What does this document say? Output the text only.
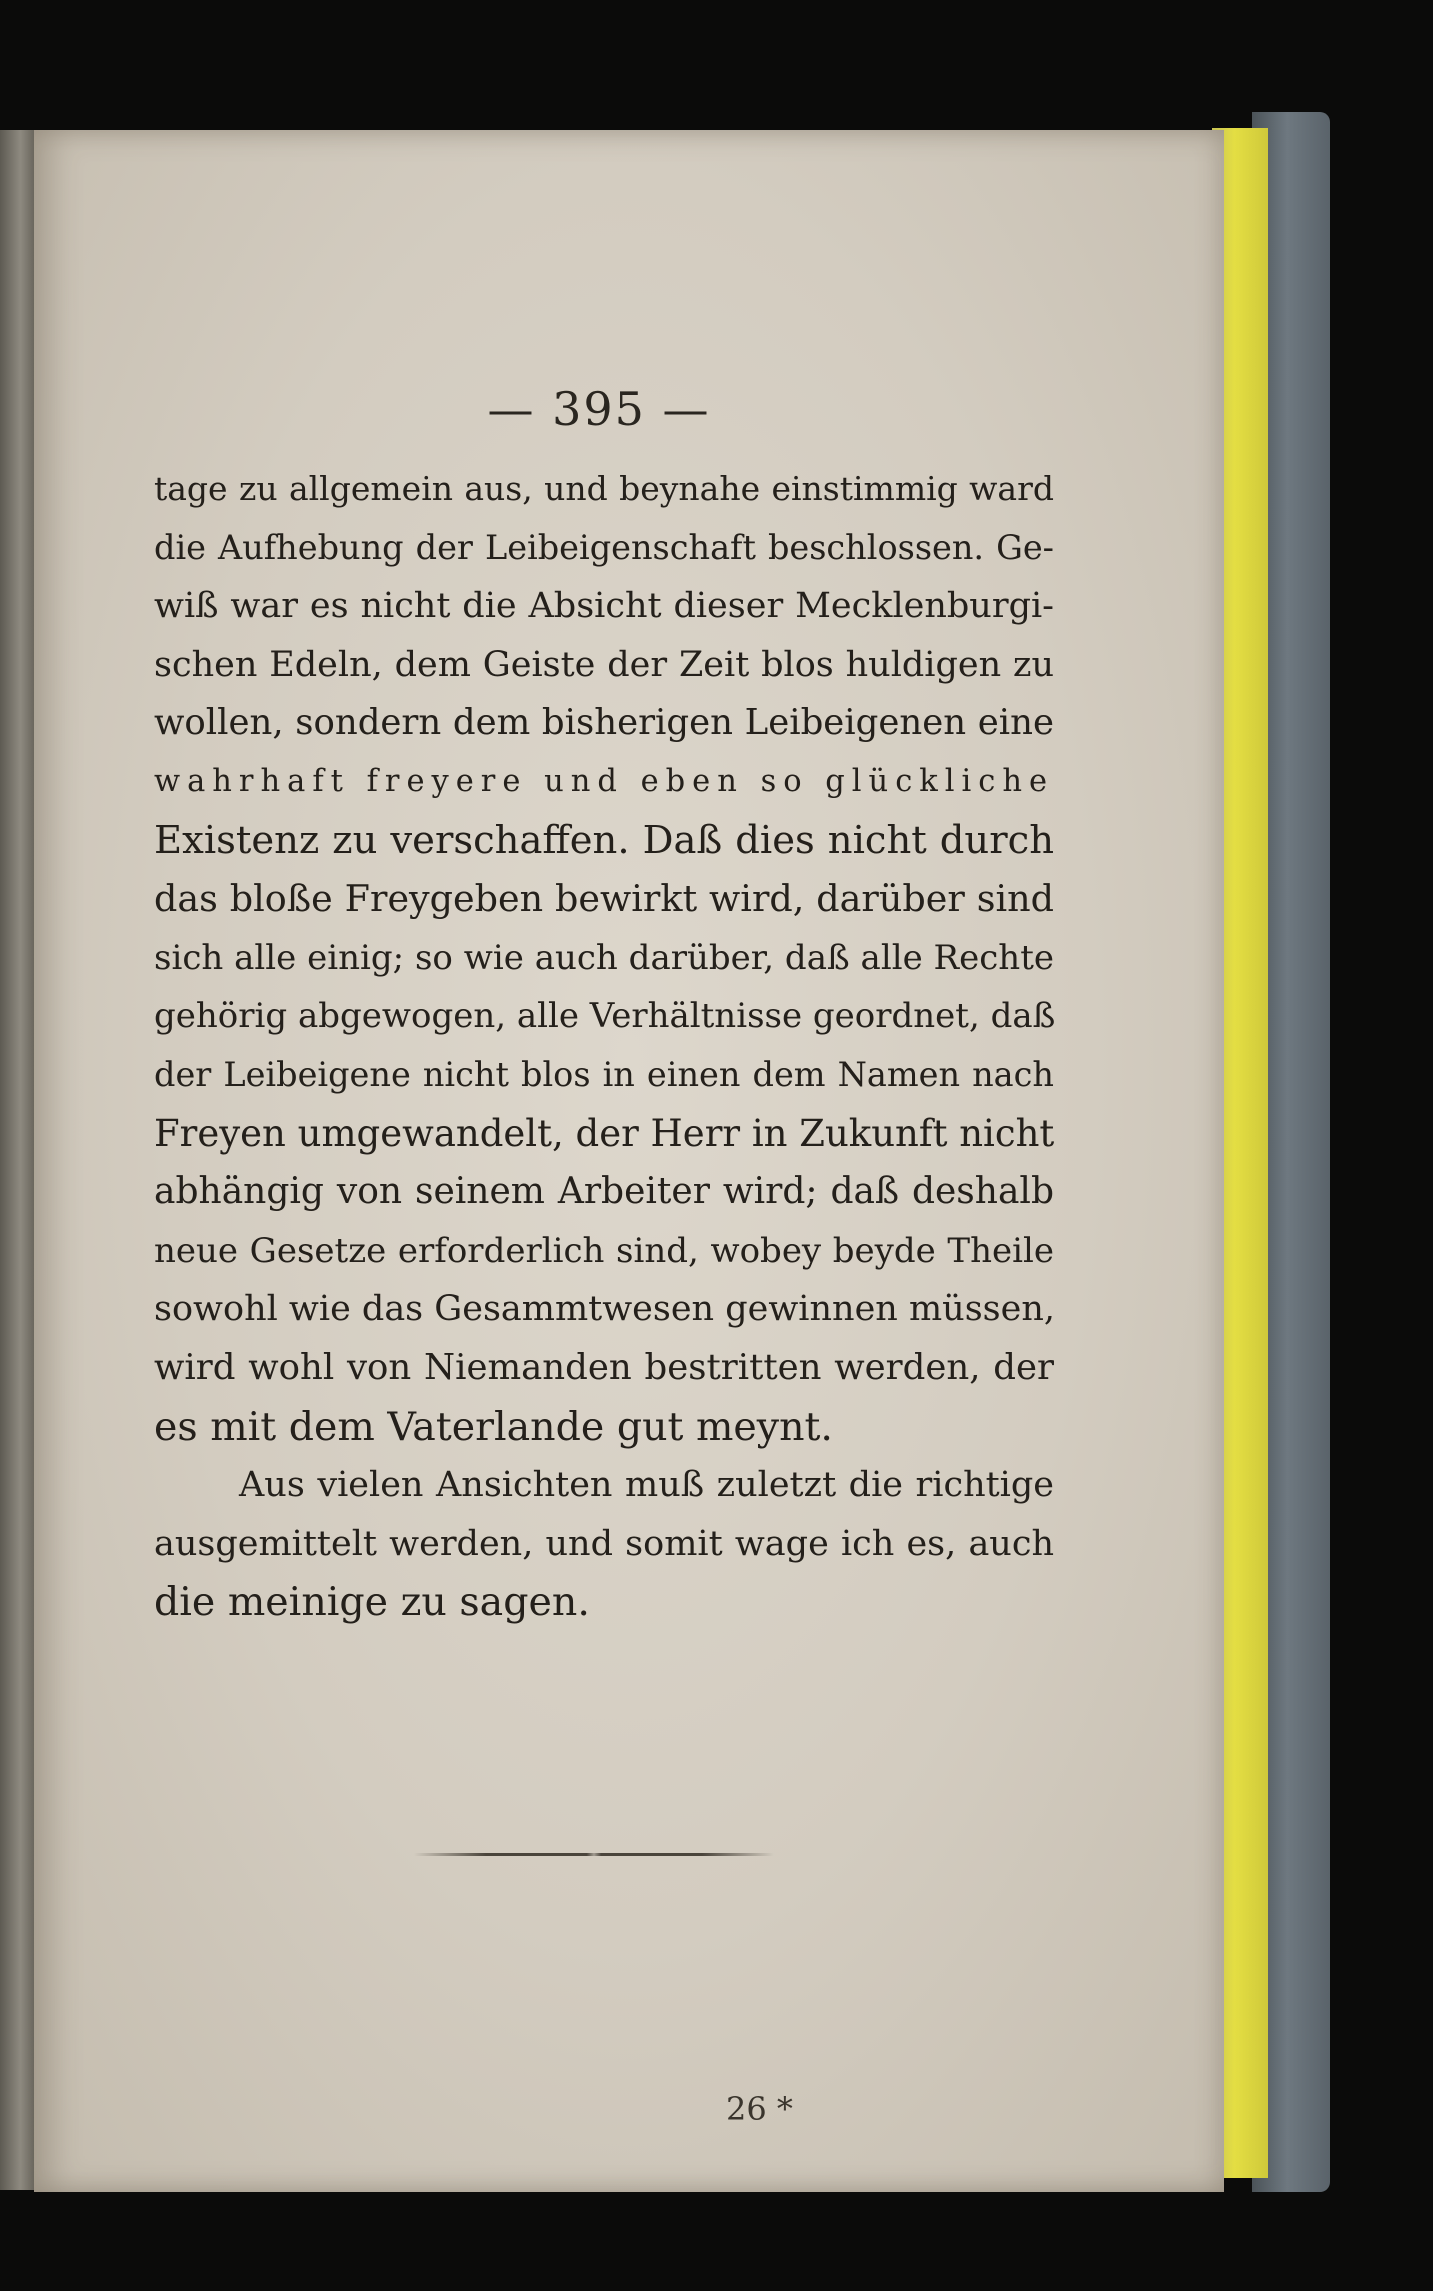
— 395 —
tage zu allgemein aus, und beynahe einstimmig ward
die Aufhebung der Leibeigenschaft beschlossen. Ge-
wiß war es nicht die Absicht dieser Mecklenburgi-
schen Edeln, dem Geiste der Zeit blos huldigen zu
wollen, sondern dem bisherigen Leibeigenen eine
wahrhaft freyere und eben so glückliche
Existenz zu verschaffen. Daß dies nicht durch
das bloße Freygeben bewirkt wird, darüber sind
sich alle einig; so wie auch darüber, daß alle Rechte
gehörig abgewogen, alle Verhältnisse geordnet, daß
der Leibeigene nicht blos in einen dem Namen nach
Freyen umgewandelt, der Herr in Zukunft nicht
abhängig von seinem Arbeiter wird; daß deshalb
neue Gesetze erforderlich sind, wobey beyde Theile
sowohl wie das Gesammtwesen gewinnen müssen,
wird wohl von Niemanden bestritten werden, der
es mit dem Vaterlande gut meynt.
Aus vielen Ansichten muß zuletzt die richtige
ausgemittelt werden, und somit wage ich es, auch
die meinige zu sagen.
26 *
